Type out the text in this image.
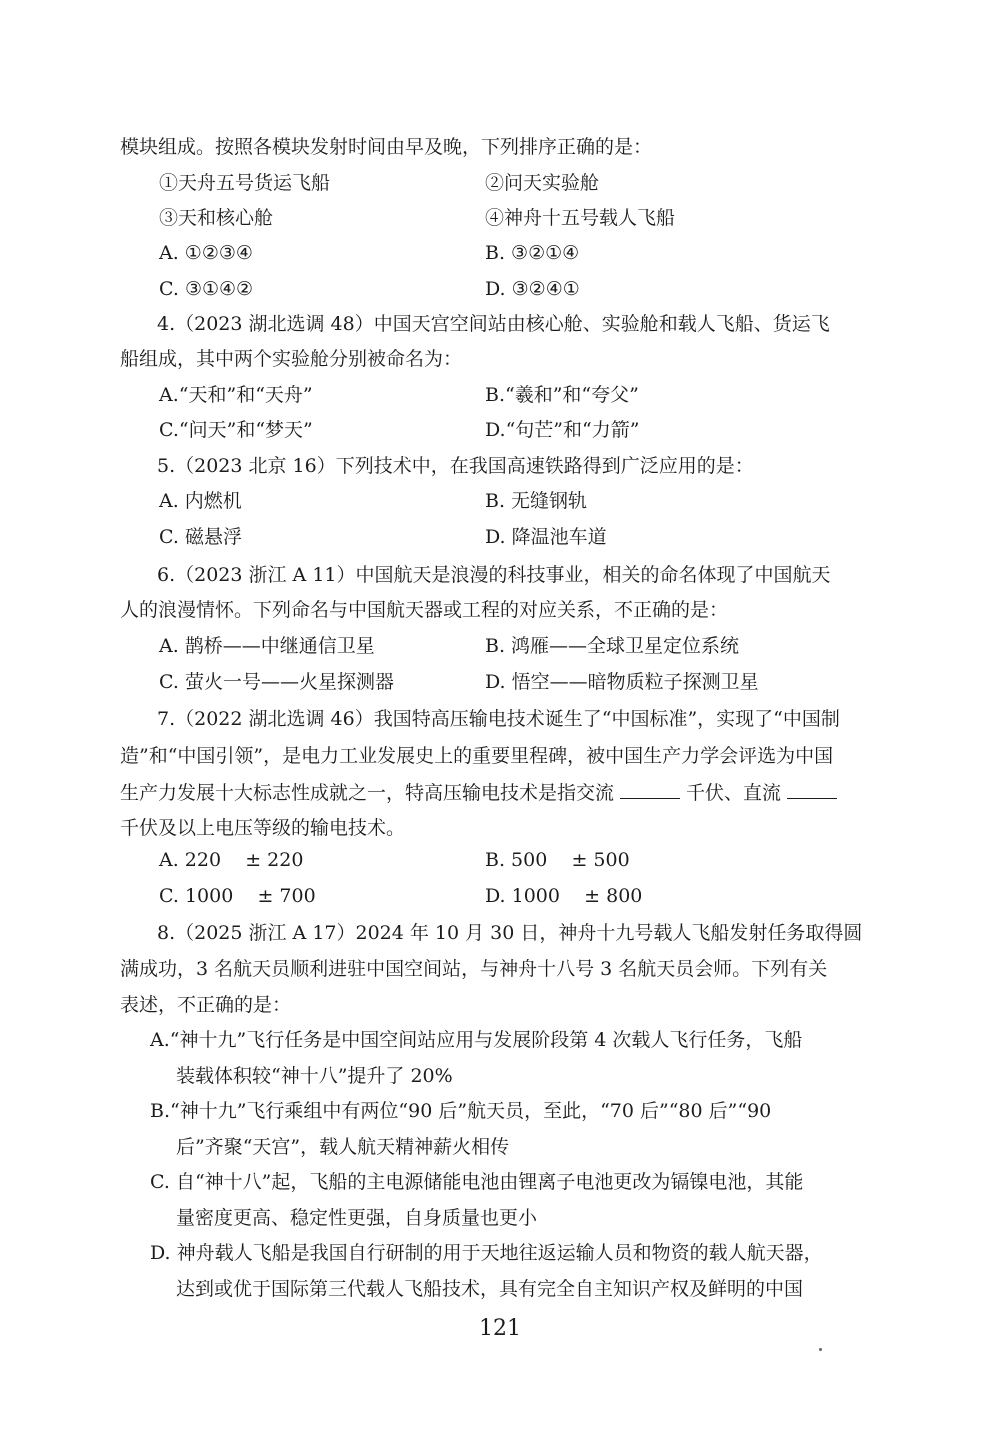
模块组成。按照各模块发射时间由早及晚，下列排序正确的是：
①天舟五号货运飞船	②问天实验舱
③天和核心舱	④神舟十五号载人飞船
A. ①②③④	B. ③②①④
C. ③①④②	D. ③②④①
4.（2023 湖北选调 48）中国天宫空间站由核心舱、实验舱和载人飞船、货运飞
船组成，其中两个实验舱分别被命名为：
A.“天和”和“天舟”	B.“羲和”和“夸父”
C.“问天”和“梦天”	D.“句芒”和“力箭”
5.（2023 北京 16）下列技术中，在我国高速铁路得到广泛应用的是：
A. 内燃机	B. 无缝钢轨
C. 磁悬浮	D. 降温池车道
6.（2023 浙江 A 11）中国航天是浪漫的科技事业，相关的命名体现了中国航天
人的浪漫情怀。下列命名与中国航天器或工程的对应关系，不正确的是：
A. 鹊桥——中继通信卫星	B. 鸿雁——全球卫星定位系统
C. 萤火一号——火星探测器	D. 悟空——暗物质粒子探测卫星
7.（2022 湖北选调 46）我国特高压输电技术诞生了“中国标准”，实现了“中国制
造”和“中国引领”，是电力工业发展史上的重要里程碑，被中国生产力学会评选为中国
生产力发展十大标志性成就之一，特高压输电技术是指交流	千伏、直流
千伏及以上电压等级的输电技术。
A. 220    ± 220	B. 500    ± 500
C. 1000    ± 700	D. 1000    ± 800
8.（2025 浙江 A 17）2024 年 10 月 30 日，神舟十九号载人飞船发射任务取得圆
满成功，3 名航天员顺利进驻中国空间站，与神舟十八号 3 名航天员会师。下列有关
表述，不正确的是：
A.“神十九”飞行任务是中国空间站应用与发展阶段第 4 次载人飞行任务，飞船
装载体积较“神十八”提升了 20%
B.“神十九”飞行乘组中有两位“90 后”航天员，至此，“70 后”“80 后”“90
后”齐聚“天宫”，载人航天精神薪火相传
C. 自“神十八”起，飞船的主电源储能电池由锂离子电池更改为镉镍电池，其能
量密度更高、稳定性更强，自身质量也更小
D. 神舟载人飞船是我国自行研制的用于天地往返运输人员和物资的载人航天器，
达到或优于国际第三代载人飞船技术，具有完全自主知识产权及鲜明的中国
121
